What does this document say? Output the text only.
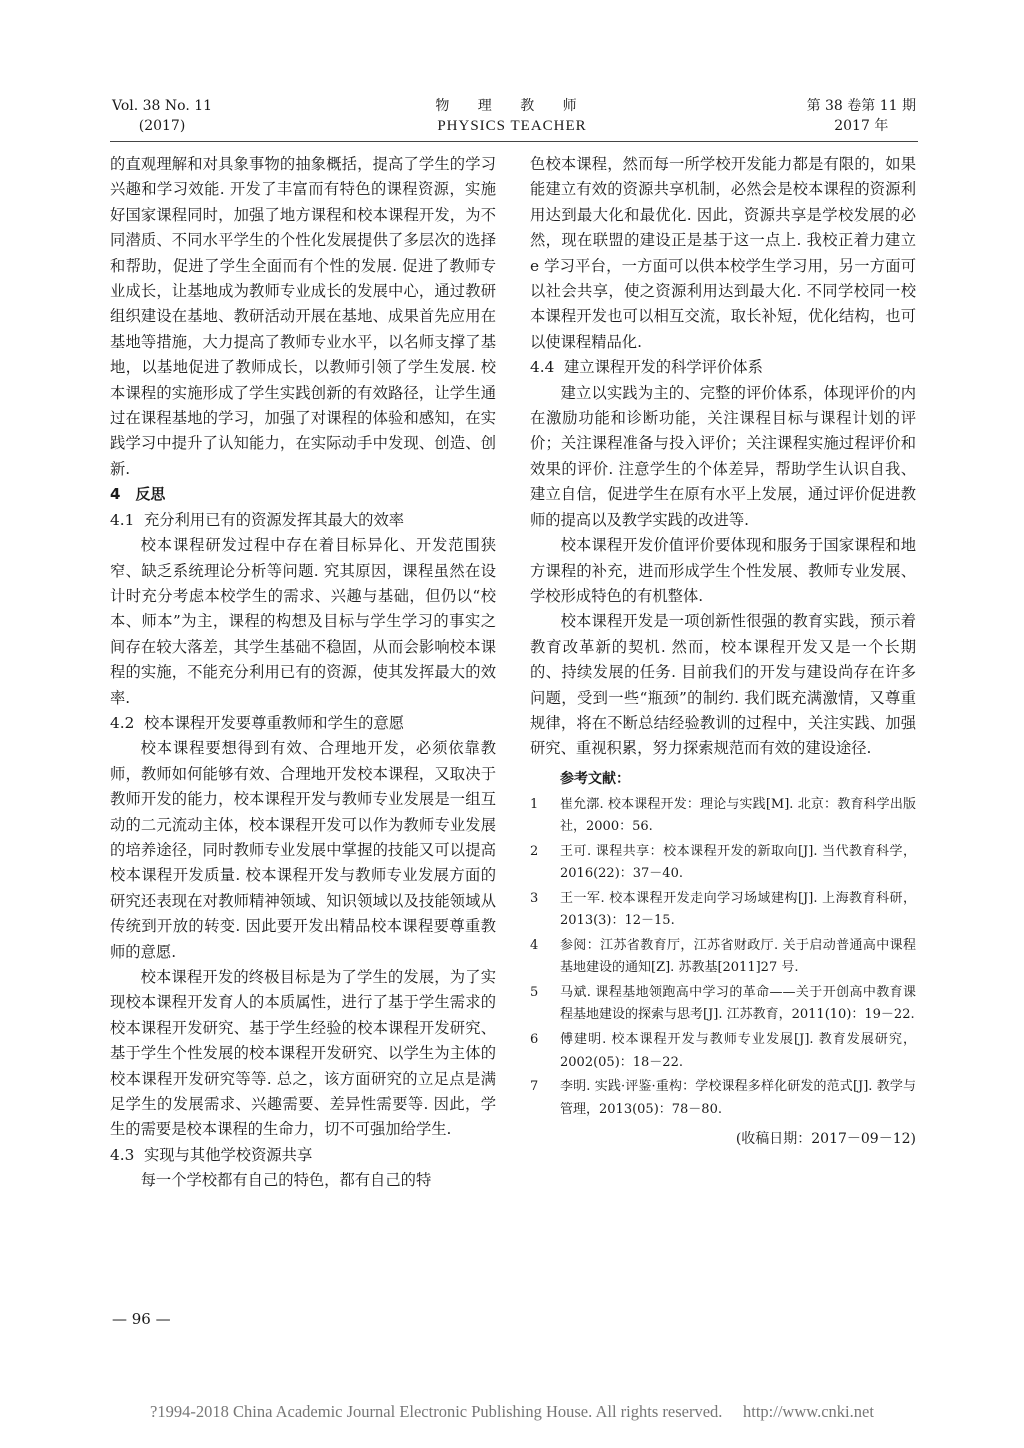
Vol. 38 No. 11
(2017)
物 理 教 师
PHYSICS TEACHER
第 38 卷第 11 期
2017 年

的直观理解和对具象事物的抽象概括，提高了学生的学习兴趣和学习效能. 开发了丰富而有特色的课程资源，实施好国家课程同时，加强了地方课程和校本课程开发，为不同潜质、不同水平学生的个性化发展提供了多层次的选择和帮助，促进了学生全面而有个性的发展. 促进了教师专业成长，让基地成为教师专业成长的发展中心，通过教研组织建设在基地、教研活动开展在基地、成果首先应用在基地等措施，大力提高了教师专业水平，以名师支撑了基地，以基地促进了教师成长，以教师引领了学生发展. 校本课程的实施形成了学生实践创新的有效路径，让学生通过在课程基地的学习，加强了对课程的体验和感知，在实践学习中提升了认知能力，在实际动手中发现、创造、创新.

4　反思

4.1 充分利用已有的资源发挥其最大的效率

校本课程研发过程中存在着目标异化、开发范围狭窄、缺乏系统理论分析等问题. 究其原因，课程虽然在设计时充分考虑本校学生的需求、兴趣与基础，但仍以“校本、师本”为主，课程的构想及目标与学生学习的事实之间存在较大落差，其学生基础不稳固，从而会影响校本课程的实施，不能充分利用已有的资源，使其发挥最大的效率.

4.2 校本课程开发要尊重教师和学生的意愿

校本课程要想得到有效、合理地开发，必须依靠教师，教师如何能够有效、合理地开发校本课程，又取决于教师开发的能力，校本课程开发与教师专业发展是一组互动的二元流动主体，校本课程开发可以作为教师专业发展的培养途径，同时教师专业发展中掌握的技能又可以提高校本课程开发质量. 校本课程开发与教师专业发展方面的研究还表现在对教师精神领域、知识领域以及技能领域从传统到开放的转变. 因此要开发出精品校本课程要尊重教师的意愿.

校本课程开发的终极目标是为了学生的发展，为了实现校本课程开发育人的本质属性，进行了基于学生需求的校本课程开发研究、基于学生经验的校本课程开发研究、基于学生个性发展的校本课程开发研究、以学生为主体的校本课程开发研究等等. 总之，该方面研究的立足点是满足学生的发展需求、兴趣需要、差异性需要等. 因此，学生的需要是校本课程的生命力，切不可强加给学生.

4.3 实现与其他学校资源共享

每一个学校都有自己的特色，都有自己的特

色校本课程，然而每一所学校开发能力都是有限的，如果能建立有效的资源共享机制，必然会是校本课程的资源利用达到最大化和最优化. 因此，资源共享是学校发展的必然，现在联盟的建设正是基于这一点上. 我校正着力建立 e 学习平台，一方面可以供本校学生学习用，另一方面可以社会共享，使之资源利用达到最大化. 不同学校同一校本课程开发也可以相互交流，取长补短，优化结构，也可以使课程精品化.

4.4 建立课程开发的科学评价体系

建立以实践为主的、完整的评价体系，体现评价的内在激励功能和诊断功能，关注课程目标与课程计划的评价；关注课程准备与投入评价；关注课程实施过程评价和效果的评价. 注意学生的个体差异，帮助学生认识自我、建立自信，促进学生在原有水平上发展，通过评价促进教师的提高以及教学实践的改进等.

校本课程开发价值评价要体现和服务于国家课程和地方课程的补充，进而形成学生个性发展、教师专业发展、学校形成特色的有机整体.

校本课程开发是一项创新性很强的教育实践，预示着教育改革新的契机. 然而，校本课程开发又是一个长期的、持续发展的任务. 目前我们的开发与建设尚存在许多问题，受到一些“瓶颈”的制约. 我们既充满激情，又尊重规律，将在不断总结经验教训的过程中，关注实践、加强研究、重视积累，努力探索规范而有效的建设途径.

参考文献：
1	崔允漷. 校本课程开发：理论与实践[M]. 北京：教育科学出版社，2000：56.
2	王可. 课程共享：校本课程开发的新取向[J]. 当代教育科学，2016(22)：37－40.
3	王一军. 校本课程开发走向学习场域建构[J]. 上海教育科研，2013(3)：12－15.
4	参阅：江苏省教育厅，江苏省财政厅. 关于启动普通高中课程基地建设的通知[Z]. 苏教基[2011]27 号.
5	马斌. 课程基地领跑高中学习的革命——关于开创高中教育课程基地建设的探索与思考[J]. 江苏教育，2011(10)：19－22.
6	傅建明. 校本课程开发与教师专业发展[J]. 教育发展研究，2002(05)：18－22.
7	李明. 实践·评鉴·重构：学校课程多样化研发的范式[J]. 教学与管理，2013(05)：78－80.
(收稿日期：2017－09－12)
— 96 —
?1994-2018 China Academic Journal Electronic Publishing House. All rights reserved.　 http://www.cnki.net
